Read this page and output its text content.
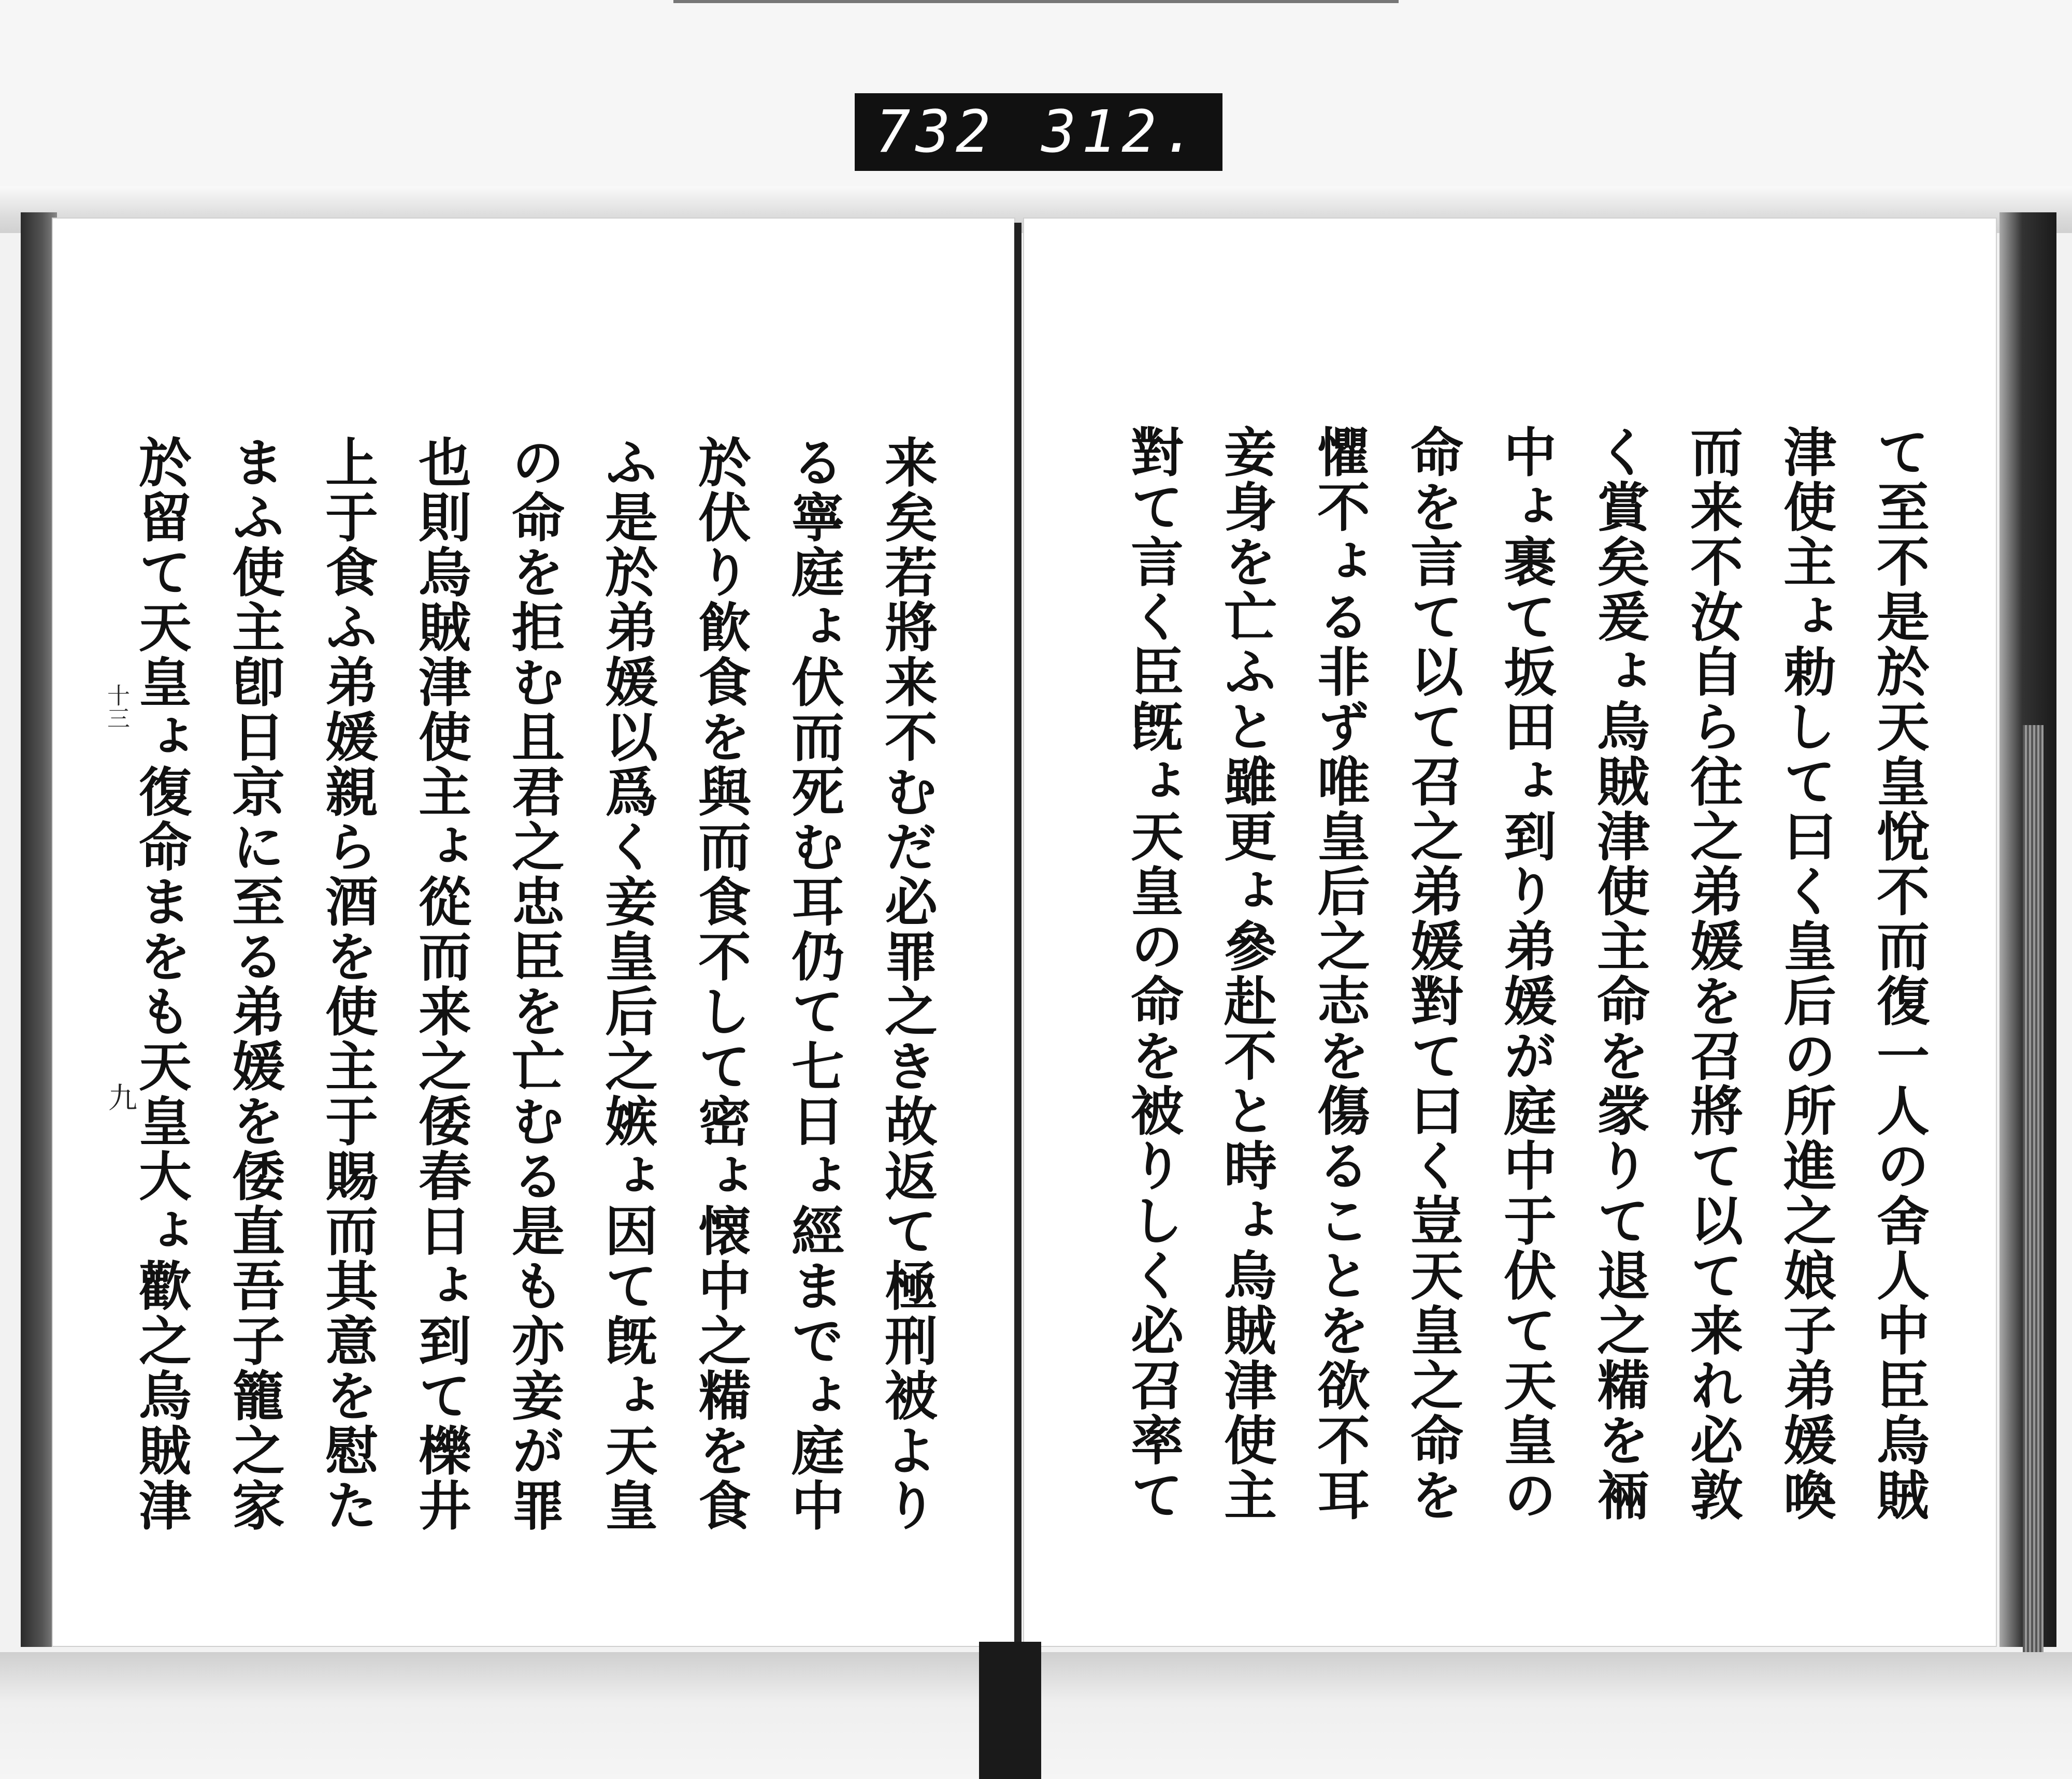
732 312.
十三
九	来矣若將来不むだ必罪之き故返て極刑被より
る寧庭ょ伏而死む耳仍て七日ょ經までょ庭中
於伏り飮食を與而食不して密ょ懐中之糒を食
ふ是於弟媛以爲く妾皇后之嫉ょ因て旣ょ天皇
の命を拒む且君之忠臣を亡むる是も亦妾が罪
也則烏賊津使主ょ從而来之倭春日ょ到て櫟井
上于食ふ弟媛親ら酒を使主于賜而其意を慰た
まふ使主卽日京に至る弟媛を倭直吾子籠之家
於留て天皇ょ復命まをも天皇大ょ歡之烏賊津	て至不是於天皇悅不而復一人の舍人中臣烏賊
津使主ょ勅して曰く皇后の所進之娘子弟媛喚
而来不汝自ら往之弟媛を召將て以て来れ必敦
く賞矣爰ょ烏賊津使主命を䝉りて退之糒を裲
中ょ裹て坂田ょ到り弟媛が庭中于伏て天皇の
命を言て以て召之弟媛對て曰く豈天皇之命を
懼不ょる非ず唯皇后之志を傷ることを欲不耳
妾身を亡ふと雖更ょ參赴不と時ょ烏賊津使主
對て言く臣旣ょ天皇の命を被りしく必召率て
